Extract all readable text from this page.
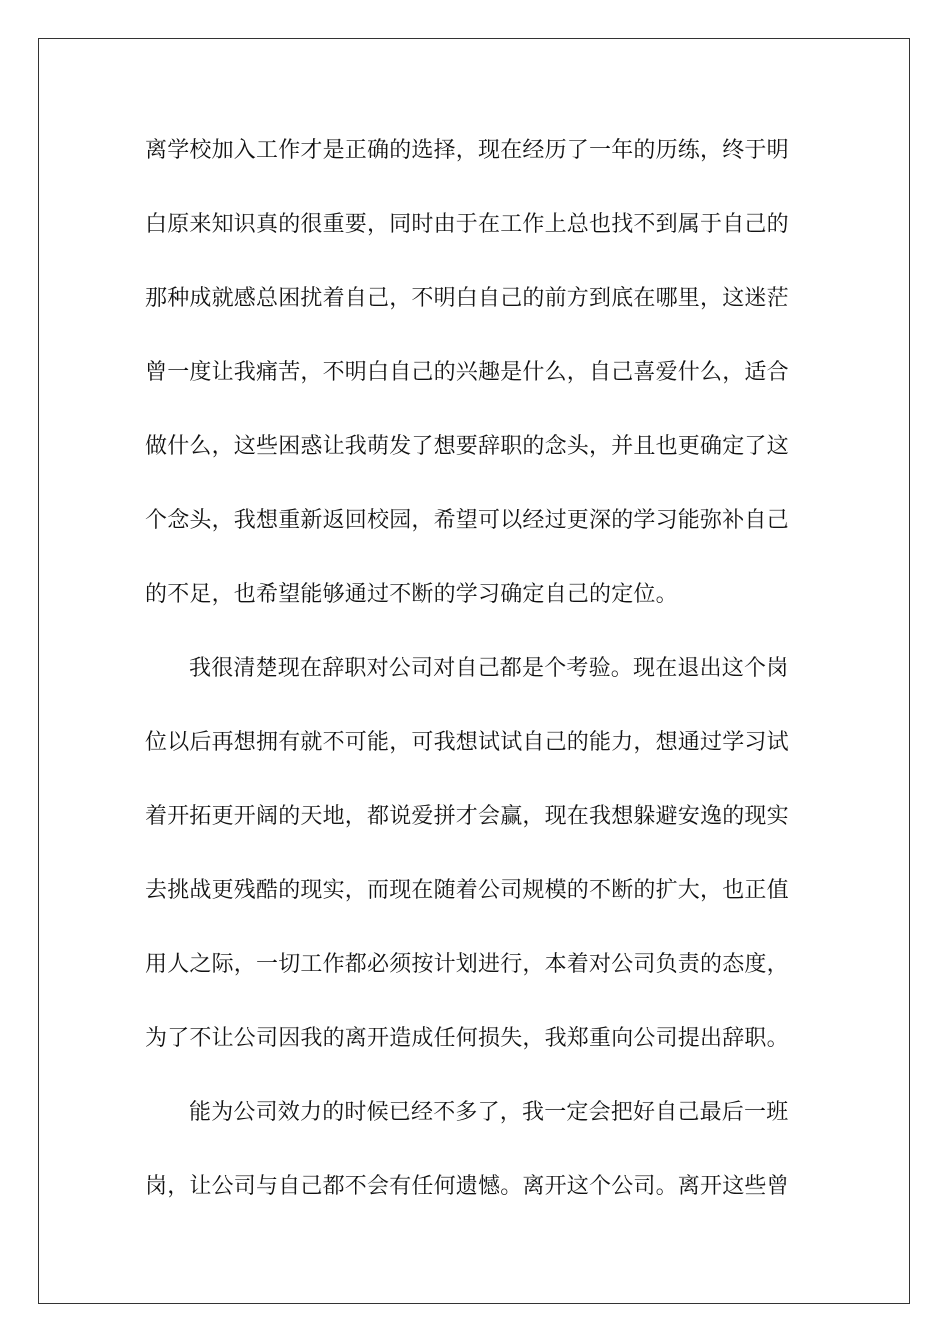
离学校加入工作才是正确的选择，现在经历了一年的历练，终于明
白原来知识真的很重要，同时由于在工作上总也找不到属于自己的
那种成就感总困扰着自己，不明白自己的前方到底在哪里，这迷茫
曾一度让我痛苦，不明白自己的兴趣是什么，自己喜爱什么，适合
做什么，这些困惑让我萌发了想要辞职的念头，并且也更确定了这
个念头，我想重新返回校园，希望可以经过更深的学习能弥补自己
的不足，也希望能够通过不断的学习确定自己的定位。
我很清楚现在辞职对公司对自己都是个考验。现在退出这个岗
位以后再想拥有就不可能，可我想试试自己的能力，想通过学习试
着开拓更开阔的天地，都说爱拼才会赢，现在我想躲避安逸的现实
去挑战更残酷的现实，而现在随着公司规模的不断的扩大，也正值
用人之际，一切工作都必须按计划进行，本着对公司负责的态度，
为了不让公司因我的离开造成任何损失，我郑重向公司提出辞职。
能为公司效力的时候已经不多了，我一定会把好自己最后一班
岗，让公司与自己都不会有任何遗憾。离开这个公司。离开这些曾
